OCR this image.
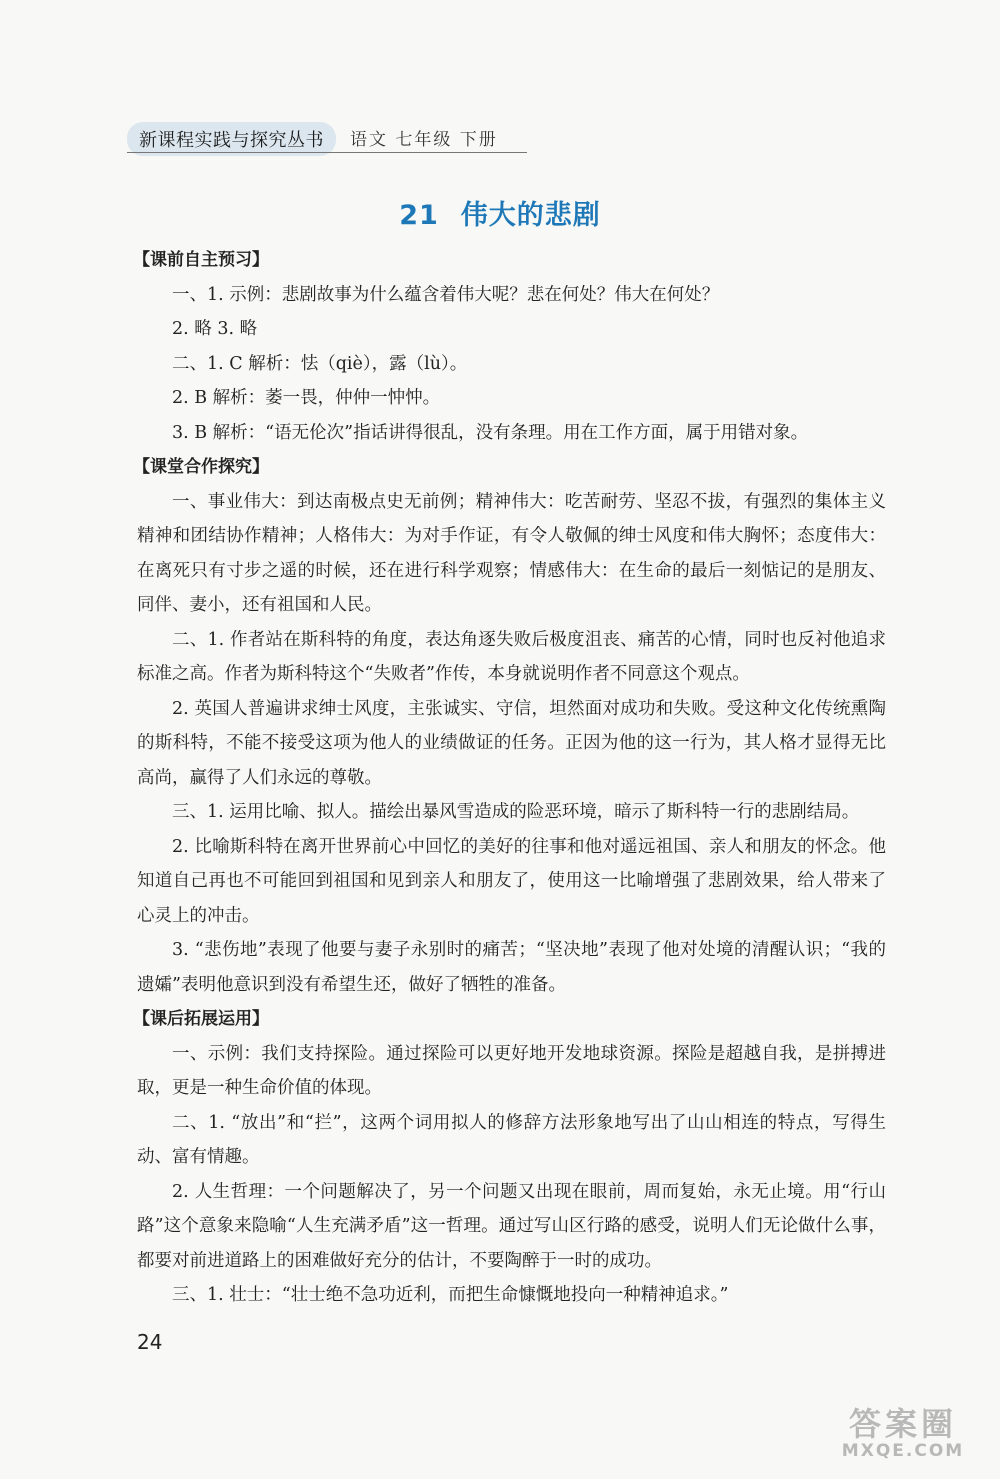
新课程实践与探究丛书	语文 七年级 下册
21 伟大的悲剧
【课前自主预习】
一、1. 示例：悲剧故事为什么蕴含着伟大呢？悲在何处？伟大在何处？
2. 略 3. 略
二、1. C 解析：怯（qiè），露（lù）。
2. B 解析：萎一畏，仲仲一忡忡。
3. B 解析：“语无伦次”指话讲得很乱，没有条理。用在工作方面，属于用错对象。
【课堂合作探究】
一、事业伟大：到达南极点史无前例；精神伟大：吃苦耐劳、坚忍不拔，有强烈的集体主义精神和团结协作精神；人格伟大：为对手作证，有令人敬佩的绅士风度和伟大胸怀；态度伟大：在离死只有寸步之遥的时候，还在进行科学观察；情感伟大：在生命的最后一刻惦记的是朋友、同伴、妻小，还有祖国和人民。
二、1. 作者站在斯科特的角度，表达角逐失败后极度沮丧、痛苦的心情，同时也反衬他追求标准之高。作者为斯科特这个“失败者”作传，本身就说明作者不同意这个观点。
2. 英国人普遍讲求绅士风度，主张诚实、守信，坦然面对成功和失败。受这种文化传统熏陶的斯科特，不能不接受这项为他人的业绩做证的任务。正因为他的这一行为，其人格才显得无比高尚，赢得了人们永远的尊敬。
三、1. 运用比喻、拟人。描绘出暴风雪造成的险恶环境，暗示了斯科特一行的悲剧结局。
2. 比喻斯科特在离开世界前心中回忆的美好的往事和他对遥远祖国、亲人和朋友的怀念。他知道自己再也不可能回到祖国和见到亲人和朋友了，使用这一比喻增强了悲剧效果，给人带来了心灵上的冲击。
3. “悲伤地”表现了他要与妻子永别时的痛苦；“坚决地”表现了他对处境的清醒认识；“我的遗孀”表明他意识到没有希望生还，做好了牺牲的准备。
【课后拓展运用】
一、示例：我们支持探险。通过探险可以更好地开发地球资源。探险是超越自我，是拼搏进取，更是一种生命价值的体现。
二、1. “放出”和“拦”，这两个词用拟人的修辞方法形象地写出了山山相连的特点，写得生动、富有情趣。
2. 人生哲理：一个问题解决了，另一个问题又出现在眼前，周而复始，永无止境。用“行山路”这个意象来隐喻“人生充满矛盾”这一哲理。通过写山区行路的感受，说明人们无论做什么事，都要对前进道路上的困难做好充分的估计，不要陶醉于一时的成功。
三、1. 壮士：“壮士绝不急功近利，而把生命慷慨地投向一种精神追求。”
24
答案圈
MXQE.COM
